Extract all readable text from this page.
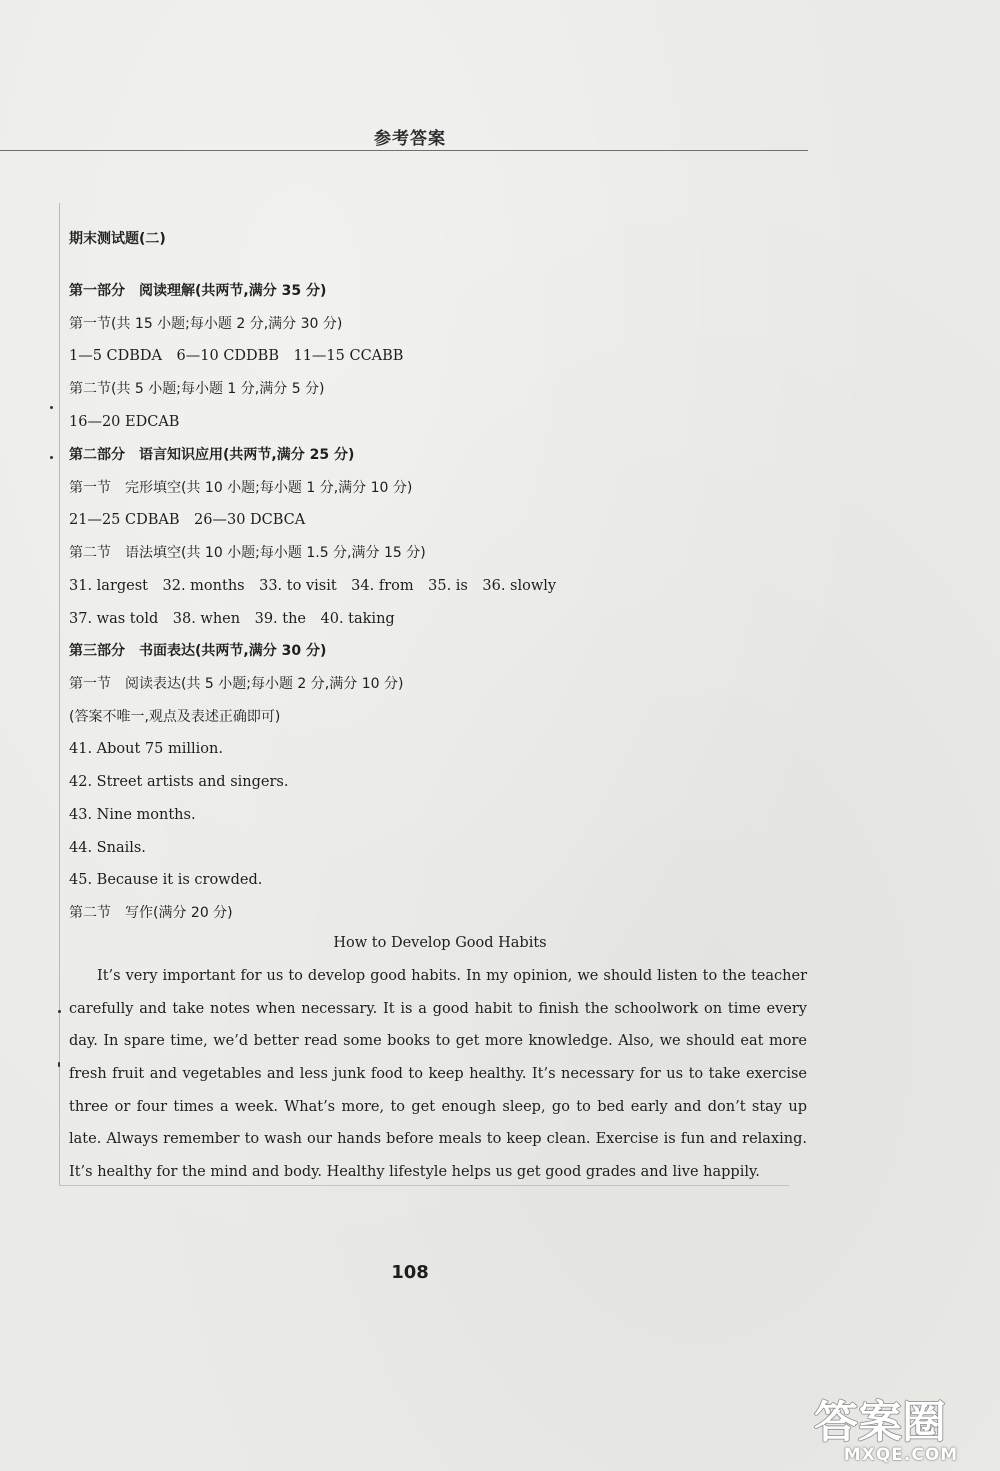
参考答案
期末测试题(二)
第一部分　阅读理解(共两节,满分 35 分)
第一节(共 15 小题;每小题 2 分,满分 30 分)
1—5 CDBDA　6—10 CDDBB　11—15 CCABB
第二节(共 5 小题;每小题 1 分,满分 5 分)
16—20 EDCAB
第二部分　语言知识应用(共两节,满分 25 分)
第一节　完形填空(共 10 小题;每小题 1 分,满分 10 分)
21—25 CDBAB　26—30 DCBCA
第二节　语法填空(共 10 小题;每小题 1.5 分,满分 15 分)
31. largest　32. months　33. to visit　34. from　35. is　36. slowly
37. was told　38. when　39. the　40. taking
第三部分　书面表达(共两节,满分 30 分)
第一节　阅读表达(共 5 小题;每小题 2 分,满分 10 分)
(答案不唯一,观点及表述正确即可)
41. About 75 million.
42. Street artists and singers.
43. Nine months.
44. Snails.
45. Because it is crowded.
第二节　写作(满分 20 分)
How to Develop Good Habits
It’s very important for us to develop good habits. In my opinion, we should listen to the teacher
carefully and take notes when necessary. It is a good habit to finish the schoolwork on time every
day. In spare time, we’d better read some books to get more knowledge. Also, we should eat more
fresh fruit and vegetables and less junk food to keep healthy. It’s necessary for us to take exercise
three or four times a week. What’s more, to get enough sleep, go to bed early and don’t stay up
late. Always remember to wash our hands before meals to keep clean. Exercise is fun and relaxing.
It’s healthy for the mind and body. Healthy lifestyle helps us get good grades and live happily.
108
答案圈
MXQE.COM
